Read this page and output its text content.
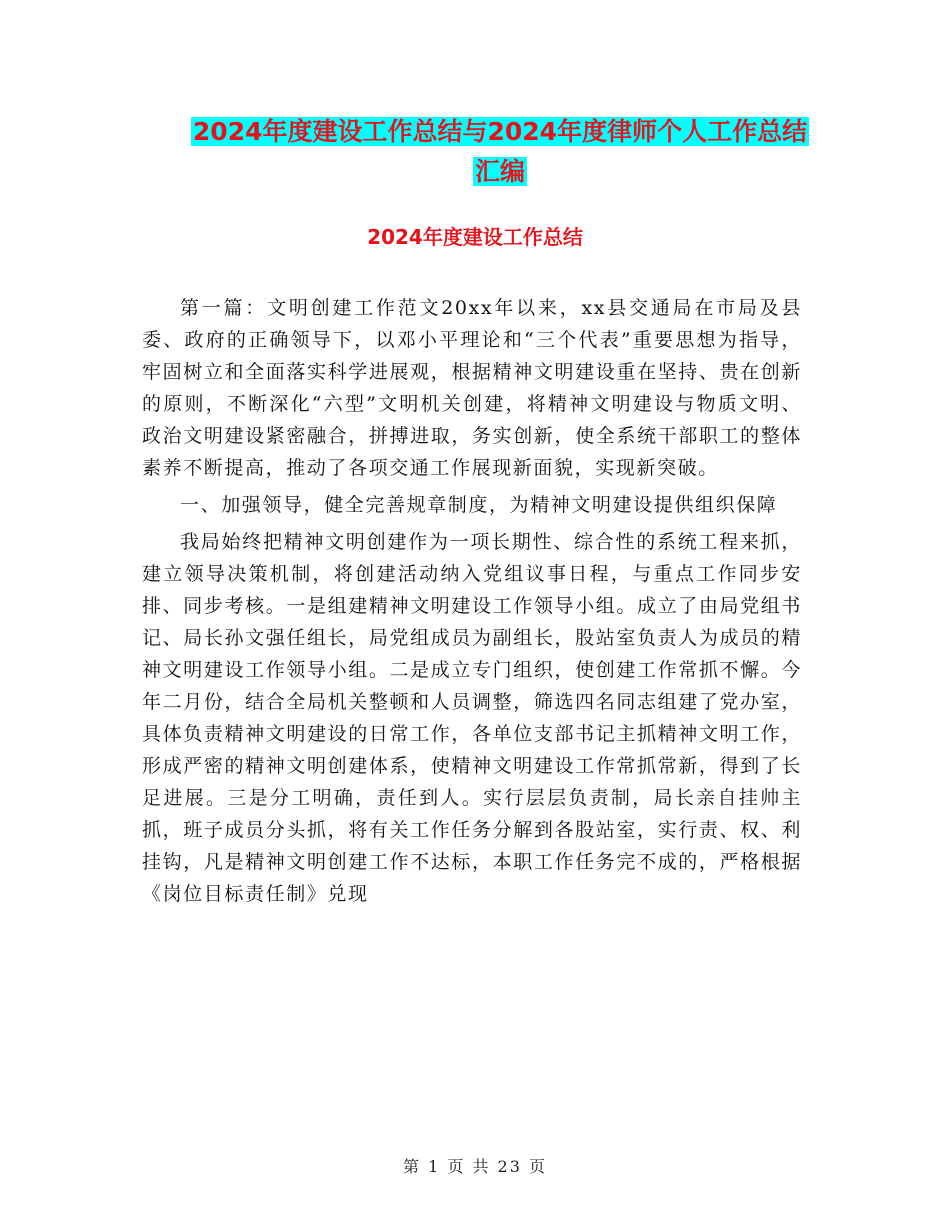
2024年度建设工作总结与2024年度律师个人工作总结
汇编
2024年度建设工作总结

第一篇：文明创建工作范文20xx年以来，xx县交通局在市局及县委、政府的正确领导下，以邓小平理论和“三个代表”重要思想为指导，牢固树立和全面落实科学进展观，根据精神文明建设重在坚持、贵在创新的原则，不断深化“六型”文明机关创建，将精神文明建设与物质文明、政治文明建设紧密融合，拼搏进取，务实创新，使全系统干部职工的整体素养不断提高，推动了各项交通工作展现新面貌，实现新突破。

一、加强领导，健全完善规章制度，为精神文明建设提供组织保障

我局始终把精神文明创建作为一项长期性、综合性的系统工程来抓，建立领导决策机制，将创建活动纳入党组议事日程，与重点工作同步安排、同步考核。一是组建精神文明建设工作领导小组。成立了由局党组书记、局长孙文强任组长，局党组成员为副组长，股站室负责人为成员的精神文明建设工作领导小组。二是成立专门组织，使创建工作常抓不懈。今年二月份，结合全局机关整顿和人员调整，筛选四名同志组建了党办室，具体负责精神文明建设的日常工作，各单位支部书记主抓精神文明工作，形成严密的精神文明创建体系，使精神文明建设工作常抓常新，得到了长足进展。三是分工明确，责任到人。实行层层负责制，局长亲自挂帅主抓，班子成员分头抓，将有关工作任务分解到各股站室，实行责、权、利挂钩，凡是精神文明创建工作不达标，本职工作任务完不成的，严格根据《岗位目标责任制》兑现

第 1 页 共 23 页
